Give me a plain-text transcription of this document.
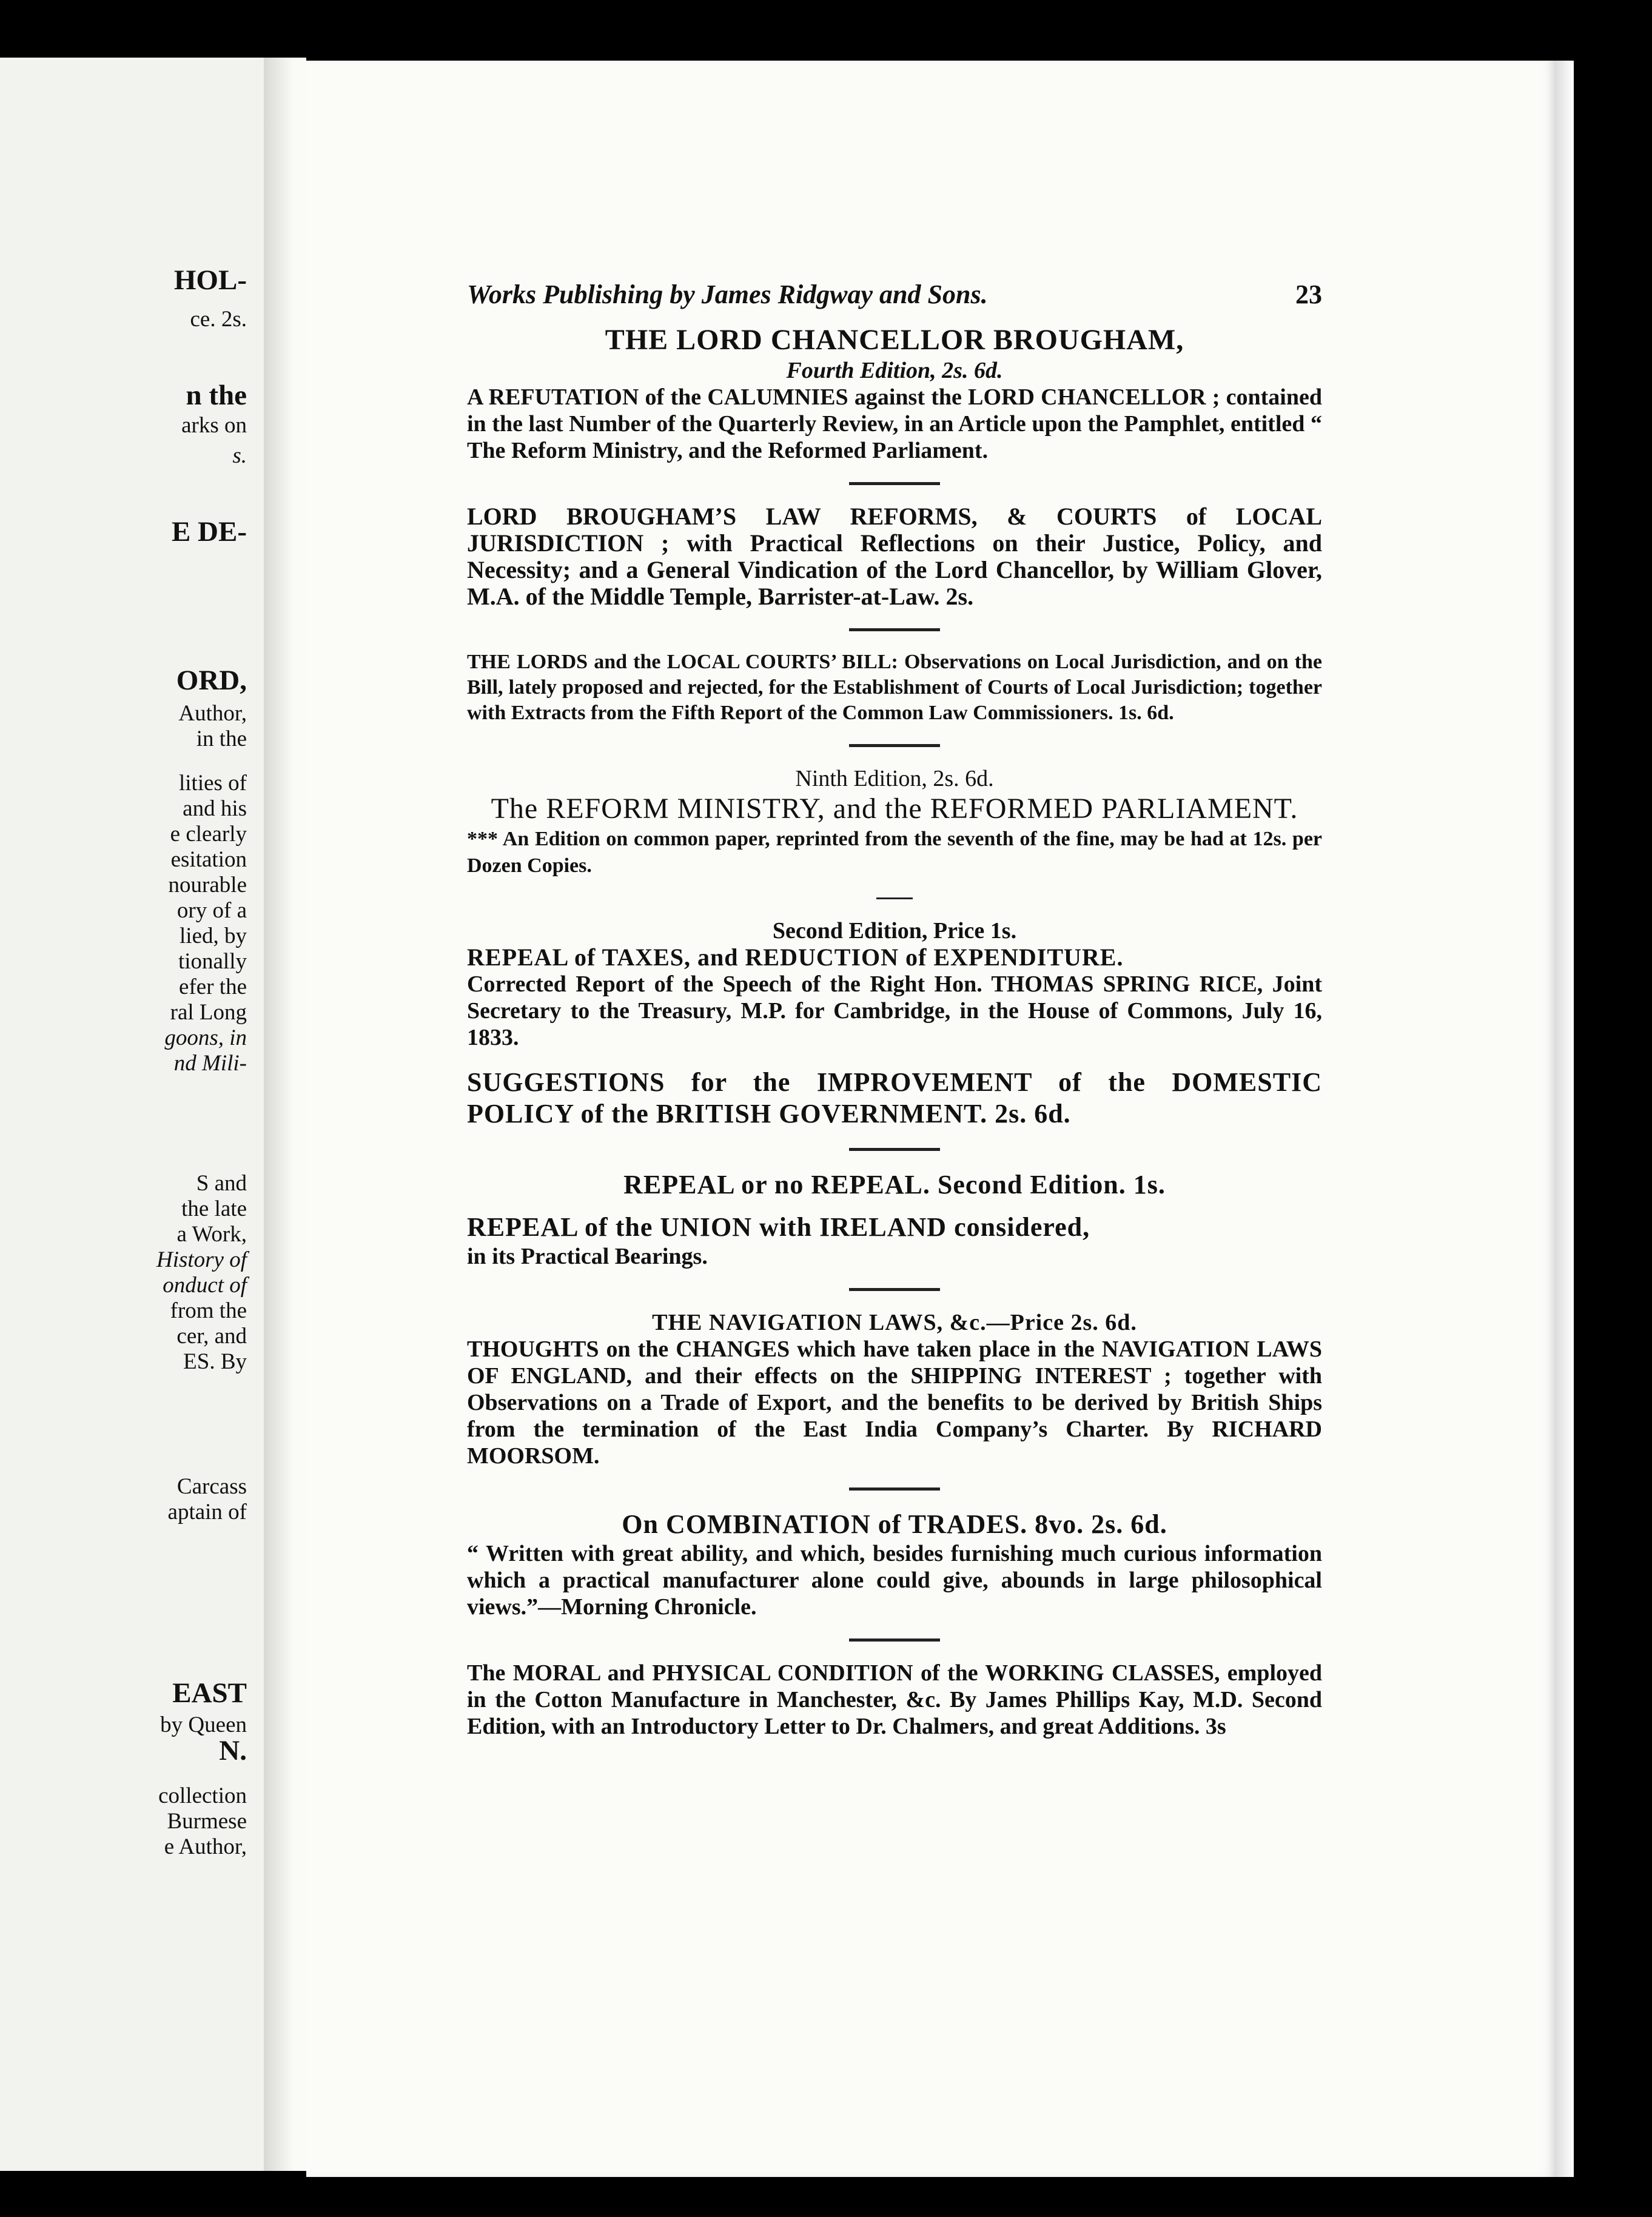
HOL-
ce. 2s.
n the
arks on
s.
E DE-
ORD,
Author,
in the
lities of
and his
e clearly
esitation
nourable
ory of a
lied, by
tionally
efer the
ral Long
goons, in
nd Mili-
S and
the late
a Work,
History of
onduct of
from the
cer, and
ES. By
Carcass
aptain of
EAST
by Queen
N.
collection
Burmese
e Author,
Works Publishing by James Ridgway and Sons.	23

THE LORD CHANCELLOR BROUGHAM,

Fourth Edition, 2s. 6d.

A REFUTATION of the CALUMNIES against the LORD CHANCELLOR ; contained in the last Number of the Quarterly Review, in an Article upon the Pamphlet, entitled “ The Reform Ministry, and the Reformed Parliament.

LORD BROUGHAM’S LAW REFORMS, & COURTS of LOCAL JURISDICTION ; with Practical Reflections on their Justice, Policy, and Necessity; and a General Vindication of the Lord Chancellor, by William Glover, M.A. of the Middle Temple, Barrister-at-Law. 2s.

THE LORDS and the LOCAL COURTS’ BILL: Observations on Local Jurisdiction, and on the Bill, lately proposed and rejected, for the Establishment of Courts of Local Jurisdiction; together with Extracts from the Fifth Report of the Common Law Commissioners. 1s. 6d.

Ninth Edition, 2s. 6d.

The REFORM MINISTRY, and the REFORMED PARLIAMENT.

*** An Edition on common paper, reprinted from the seventh of the fine, may be had at 12s. per Dozen Copies.

Second Edition, Price 1s.

REPEAL of TAXES, and REDUCTION of EXPENDITURE.

Corrected Report of the Speech of the Right Hon. THOMAS SPRING RICE, Joint Secretary to the Treasury, M.P. for Cambridge, in the House of Commons, July 16, 1833.

SUGGESTIONS for the IMPROVEMENT of the DOMESTIC POLICY of the BRITISH GOVERNMENT. 2s. 6d.

REPEAL or no REPEAL. Second Edition. 1s.

REPEAL of the UNION with IRELAND considered,

in its Practical Bearings.

THE NAVIGATION LAWS, &c.—Price 2s. 6d.

THOUGHTS on the CHANGES which have taken place in the NAVIGATION LAWS OF ENGLAND, and their effects on the SHIPPING INTEREST ; together with Observations on a Trade of Export, and the benefits to be derived by British Ships from the termination of the East India Company’s Charter. By RICHARD MOORSOM.

On COMBINATION of TRADES. 8vo. 2s. 6d.

“ Written with great ability, and which, besides furnishing much curious information which a practical manufacturer alone could give, abounds in large philosophical views.”—Morning Chronicle.

The MORAL and PHYSICAL CONDITION of the WORKING CLASSES, employed in the Cotton Manufacture in Manchester, &c. By James Phillips Kay, M.D. Second Edition, with an Introductory Letter to Dr. Chalmers, and great Additions. 3s
